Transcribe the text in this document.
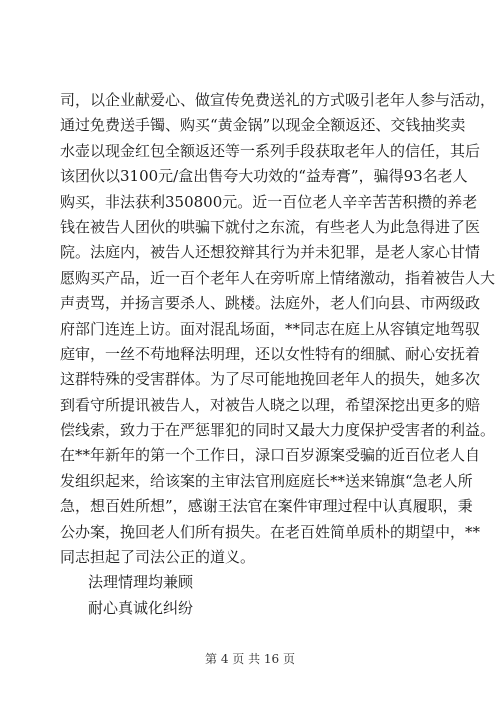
司，以企业献爱心、做宣传免费送礼的方式吸引老年人参与活动，
通过免费送手镯、购买“黄金锅”以现金全额返还、交钱抽奖卖
水壶以现金红包全额返还等一系列手段获取老年人的信任，其后
该团伙以3100元/盒出售夸大功效的“益寿膏”，骗得93名老人
购买，非法获利350800元。近一百位老人辛辛苦苦积攒的养老
钱在被告人团伙的哄骗下就付之东流，有些老人为此急得进了医
院。法庭内，被告人还想狡辩其行为并未犯罪，是老人家心甘情
愿购买产品，近一百个老年人在旁听席上情绪激动，指着被告人大
声责骂，并扬言要杀人、跳楼。法庭外，老人们向县、市两级政
府部门连连上访。面对混乱场面，**同志在庭上从容镇定地驾驭
庭审，一丝不苟地释法明理，还以女性特有的细腻、耐心安抚着
这群特殊的受害群体。为了尽可能地挽回老年人的损失，她多次
到看守所提讯被告人，对被告人晓之以理，希望深挖出更多的赔
偿线索，致力于在严惩罪犯的同时又最大力度保护受害者的利益。
在**年新年的第一个工作日，渌口百岁源案受骗的近百位老人自
发组织起来，给该案的主审法官刑庭庭长**送来锦旗“急老人所
急，想百姓所想”，感谢王法官在案件审理过程中认真履职，秉
公办案，挽回老人们所有损失。在老百姓简单质朴的期望中，**
同志担起了司法公正的道义。
法理情理均兼顾
耐心真诚化纠纷
第 4 页 共 16 页
